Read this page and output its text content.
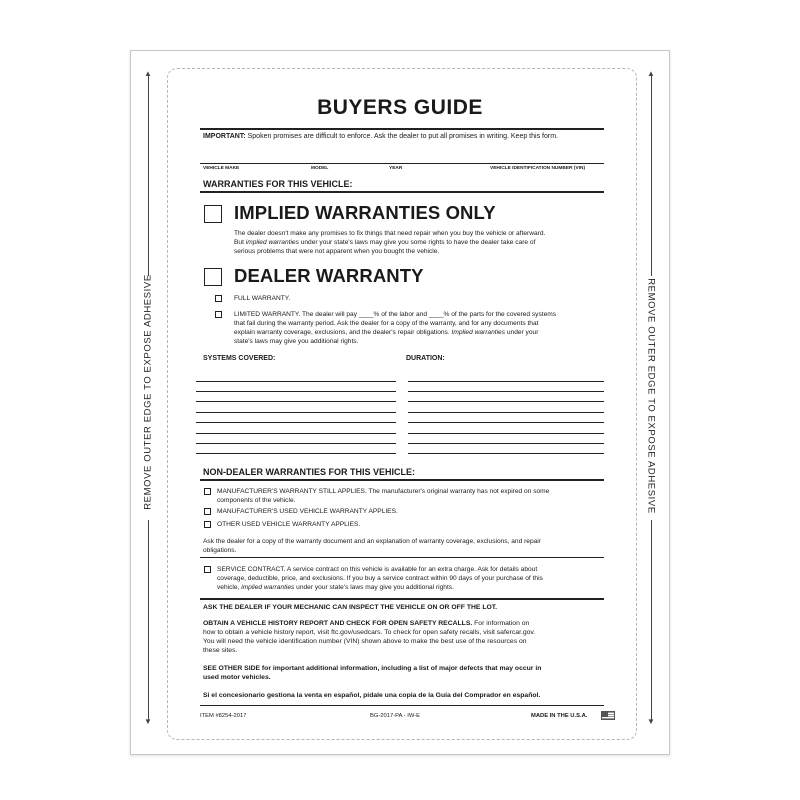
▲
REMOVE OUTER EDGE TO EXPOSE ADHESIVE
▼
▲
REMOVE OUTER EDGE TO EXPOSE ADHESIVE
▼
BUYERS GUIDE
IMPORTANT: Spoken promises are difficult to enforce. Ask the dealer to put all promises in writing. Keep this form.
VEHICLE MAKE	MODEL	YEAR	VEHICLE IDENTIFICATION NUMBER (VIN)
WARRANTIES FOR THIS VEHICLE:
IMPLIED WARRANTIES ONLY
The dealer doesn't make any promises to fix things that need repair when you buy the vehicle or afterward.
But implied warranties under your state's laws may give you some rights to have the dealer take care of
serious problems that were not apparent when you bought the vehicle.
DEALER WARRANTY
FULL WARRANTY.
LIMITED WARRANTY. The dealer will pay ____% of the labor and ____% of the parts for the covered systems
that fail during the warranty period. Ask the dealer for a copy of the warranty, and for any documents that
explain warranty coverage, exclusions, and the dealer's repair obligations. Implied warranties under your
state's laws may give you additional rights.
SYSTEMS COVERED:	DURATION:
NON-DEALER WARRANTIES FOR THIS VEHICLE:
MANUFACTURER'S WARRANTY STILL APPLIES. The manufacturer's original warranty has not expired on some
components of the vehicle.
MANUFACTURER'S USED VEHICLE WARRANTY APPLIES.
OTHER USED VEHICLE WARRANTY APPLIES.
Ask the dealer for a copy of the warranty document and an explanation of warranty coverage, exclusions, and repair
obligations.
SERVICE CONTRACT. A service contract on this vehicle is available for an extra charge. Ask for details about
coverage, deductible, price, and exclusions. If you buy a service contract within 90 days of your purchase of this
vehicle, implied warranties under your state's laws may give you additional rights.
ASK THE DEALER IF YOUR MECHANIC CAN INSPECT THE VEHICLE ON OR OFF THE LOT.
OBTAIN A VEHICLE HISTORY REPORT AND CHECK FOR OPEN SAFETY RECALLS. For information on
how to obtain a vehicle history report, visit ftc.gov/usedcars. To check for open safety recalls, visit safercar.gov.
You will need the vehicle identification number (VIN) shown above to make the best use of the resources on
these sites.
SEE OTHER SIDE for important additional information, including a list of major defects that may occur in
used motor vehicles.
Si el concesionario gestiona la venta en español, pídale una copia de la Guía del Comprador en español.
ITEM #8254-2017	BG-2017-PA - IW-E	MADE IN THE U.S.A.
